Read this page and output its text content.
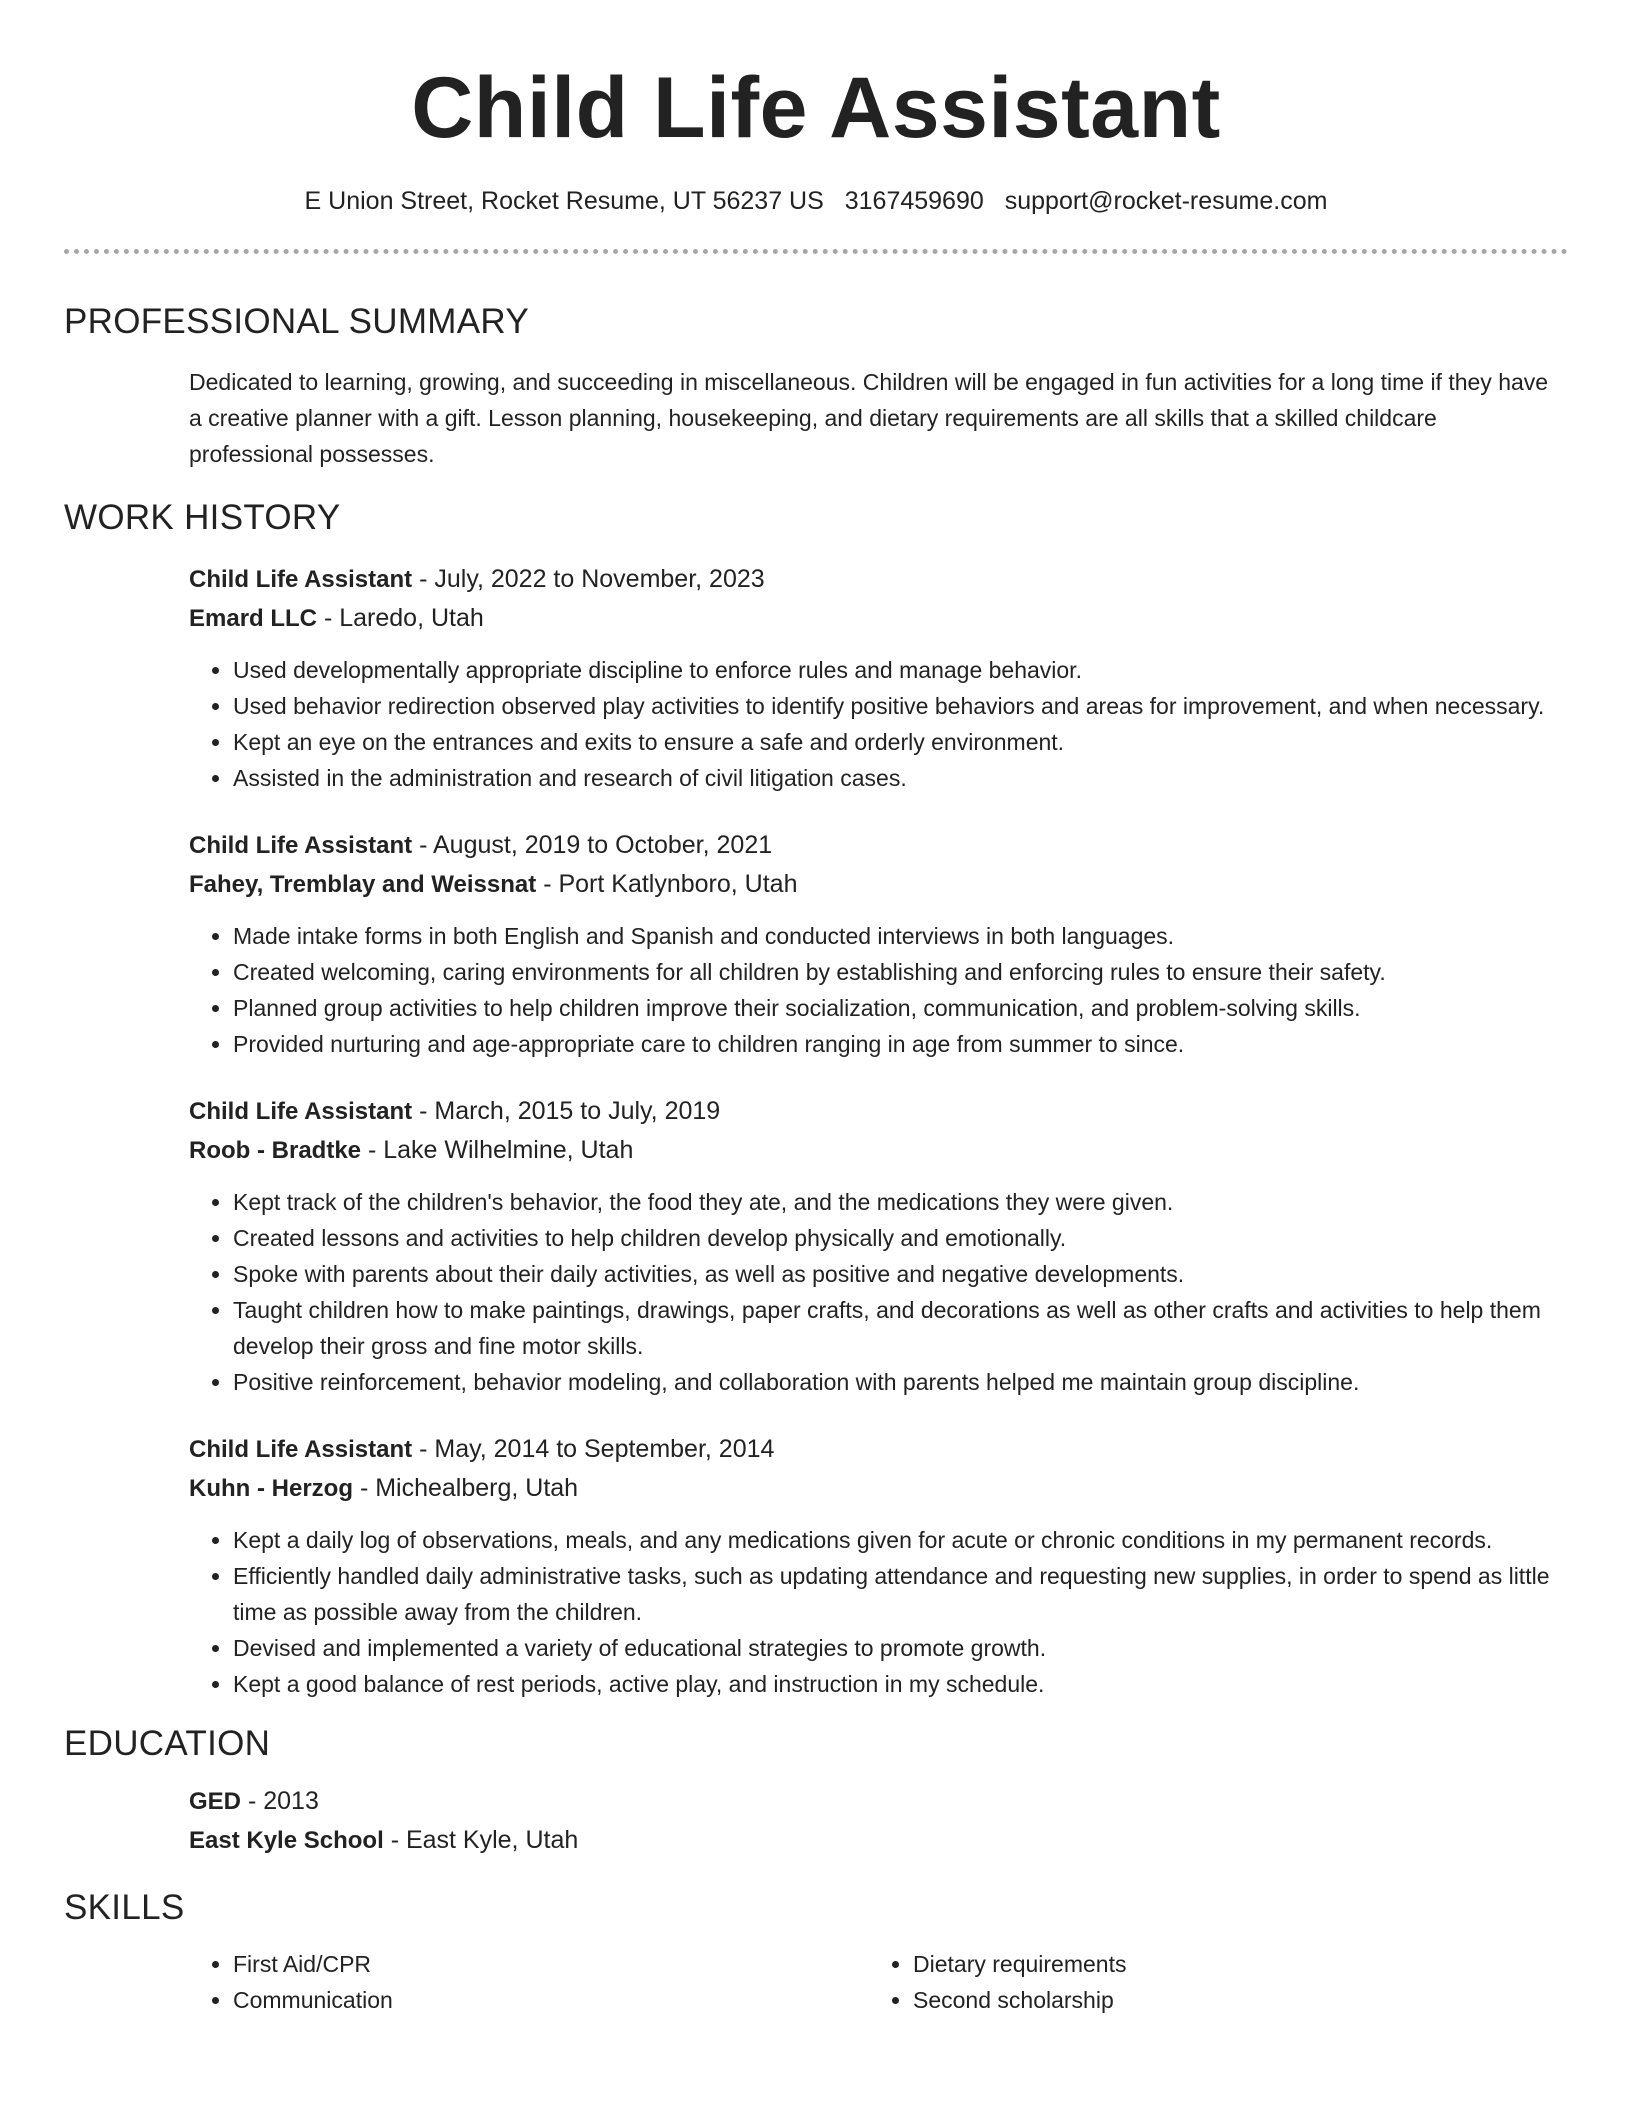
Child Life Assistant
E Union Street, Rocket Resume, UT 56237 US 3167459690 support@rocket-resume.com
PROFESSIONAL SUMMARY

Dedicated to learning, growing, and succeeding in miscellaneous. Children will be engaged in fun activities for a long time if they have a creative planner with a gift. Lesson planning, housekeeping, and dietary requirements are all skills that a skilled childcare professional possesses.

WORK HISTORY
Child Life Assistant - July, 2022 to November, 2023
Emard LLC - Laredo, Utah
• Used developmentally appropriate discipline to enforce rules and manage behavior.
• Used behavior redirection observed play activities to identify positive behaviors and areas for improvement, and when necessary.
• Kept an eye on the entrances and exits to ensure a safe and orderly environment.
• Assisted in the administration and research of civil litigation cases.
Child Life Assistant - August, 2019 to October, 2021
Fahey, Tremblay and Weissnat - Port Katlynboro, Utah
• Made intake forms in both English and Spanish and conducted interviews in both languages.
• Created welcoming, caring environments for all children by establishing and enforcing rules to ensure their safety.
• Planned group activities to help children improve their socialization, communication, and problem-solving skills.
• Provided nurturing and age-appropriate care to children ranging in age from summer to since.
Child Life Assistant - March, 2015 to July, 2019
Roob - Bradtke - Lake Wilhelmine, Utah
• Kept track of the children's behavior, the food they ate, and the medications they were given.
• Created lessons and activities to help children develop physically and emotionally.
• Spoke with parents about their daily activities, as well as positive and negative developments.
• Taught children how to make paintings, drawings, paper crafts, and decorations as well as other crafts and activities to help them develop their gross and fine motor skills.
• Positive reinforcement, behavior modeling, and collaboration with parents helped me maintain group discipline.
Child Life Assistant - May, 2014 to September, 2014
Kuhn - Herzog - Michealberg, Utah
• Kept a daily log of observations, meals, and any medications given for acute or chronic conditions in my permanent records.
• Efficiently handled daily administrative tasks, such as updating attendance and requesting new supplies, in order to spend as little time as possible away from the children.
• Devised and implemented a variety of educational strategies to promote growth.
• Kept a good balance of rest periods, active play, and instruction in my schedule.
EDUCATION
GED - 2013
East Kyle School - East Kyle, Utah
SKILLS
• First Aid/CPR
• Communication
• Dietary requirements
• Second scholarship
